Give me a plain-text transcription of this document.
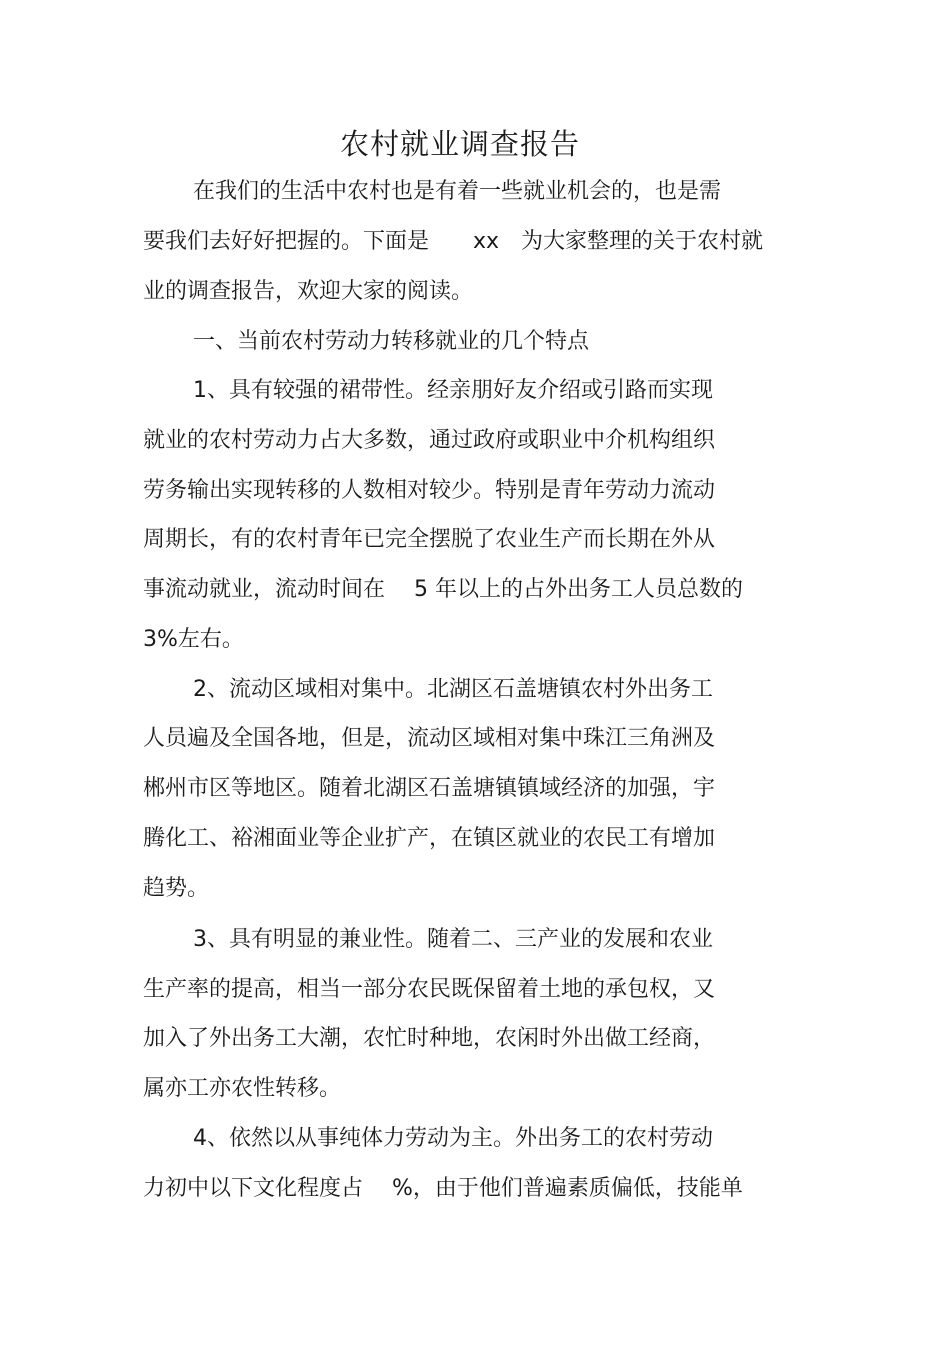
农村就业调查报告
在我们的生活中农村也是有着一些就业机会的，也是需
要我们去好好把握的。下面是　　xx　为大家整理的关于农村就
业的调查报告，欢迎大家的阅读。
一、当前农村劳动力转移就业的几个特点
1、具有较强的裙带性。经亲朋好友介绍或引路而实现
就业的农村劳动力占大多数，通过政府或职业中介机构组织
劳务输出实现转移的人数相对较少。特别是青年劳动力流动
周期长，有的农村青年已完全摆脱了农业生产而长期在外从
事流动就业，流动时间在　 5 年以上的占外出务工人员总数的
3%左右。
2、流动区域相对集中。北湖区石盖塘镇农村外出务工
人员遍及全国各地，但是，流动区域相对集中珠江三角洲及
郴州市区等地区。随着北湖区石盖塘镇镇域经济的加强，宇
腾化工、裕湘面业等企业扩产，在镇区就业的农民工有增加
趋势。
3、具有明显的兼业性。随着二、三产业的发展和农业
生产率的提高，相当一部分农民既保留着土地的承包权，又
加入了外出务工大潮，农忙时种地，农闲时外出做工经商，
属亦工亦农性转移。
4、依然以从事纯体力劳动为主。外出务工的农村劳动
力初中以下文化程度占　 %，由于他们普遍素质偏低，技能单
